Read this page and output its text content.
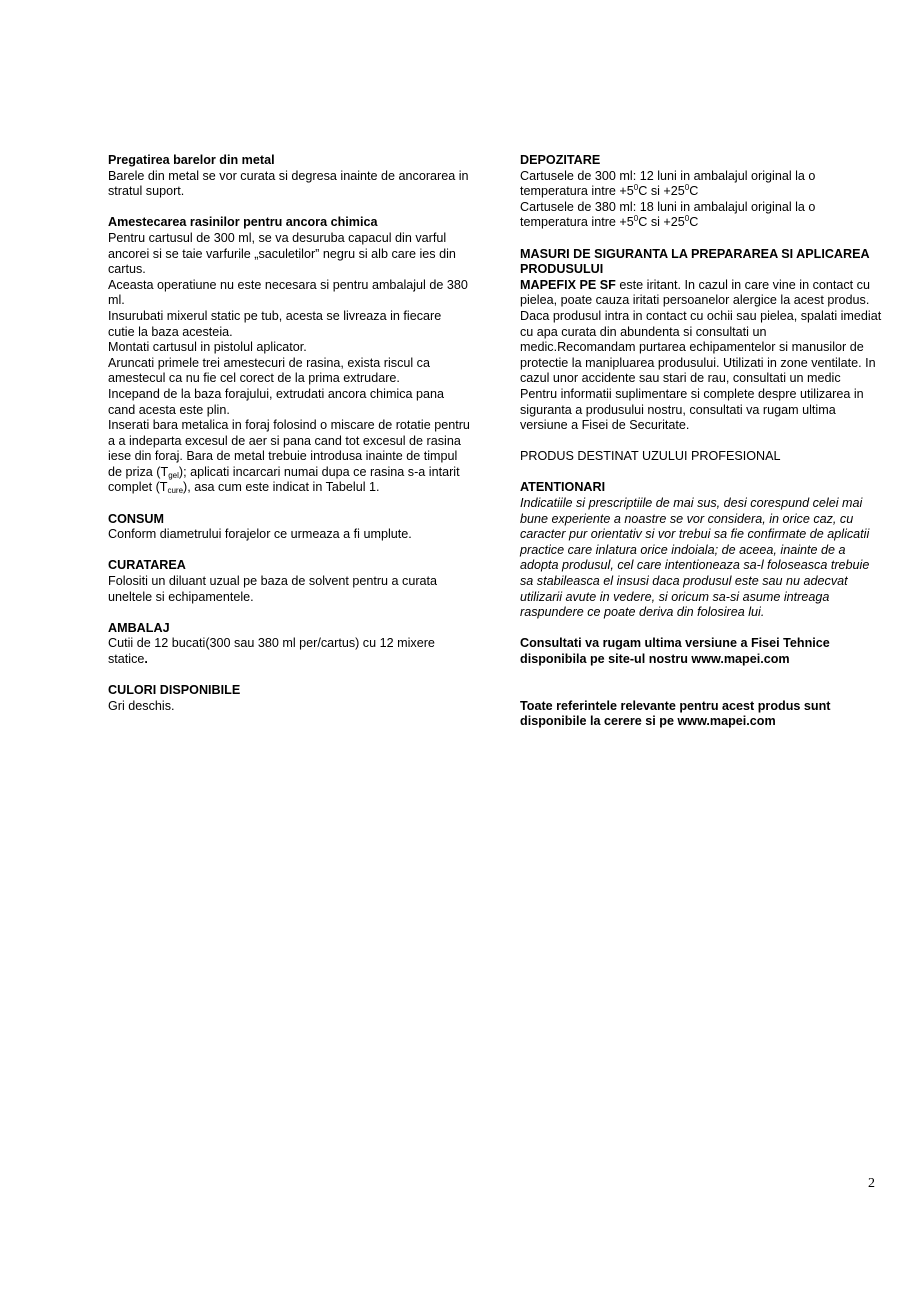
Pregatirea barelor din metal

Barele din metal se vor curata si degresa inainte de ancorarea in stratul suport.

Amestecarea rasinilor pentru ancora chimica

Pentru cartusul de 300 ml, se va desuruba capacul din varful ancorei si se taie varfurile „saculetilor” negru si alb care ies din cartus.

Aceasta operatiune nu este necesara si pentru ambalajul de 380 ml.

Insurubati mixerul static pe tub, acesta se livreaza in fiecare cutie la baza acesteia.

Montati cartusul in pistolul aplicator.

Aruncati primele trei amestecuri de rasina, exista riscul ca amestecul ca nu fie cel corect de la prima extrudare.

Incepand de la baza forajului, extrudati ancora chimica pana cand acesta este plin.

Inserati bara metalica in foraj folosind o miscare de rotatie pentru a a indeparta excesul de aer si pana cand tot excesul de rasina iese din foraj. Bara de metal trebuie introdusa inainte de timpul de priza $(T_{gel})$; aplicati incarcari numai dupa ce rasina s-a intarit complet $(T_{cure})$, asa cum este indicat in Tabelul 1.

CONSUM

Conform diametrului forajelor ce urmeaza a fi umplute.

CURATAREA

Folositi un diluant uzual pe baza de solvent pentru a curata uneltele si echipamentele.

AMBALAJ

Cutii de 12 bucati(300 sau 380 ml per/cartus) cu 12 mixere statice.

CULORI DISPONIBILE

Gri deschis.

DEPOZITARE

Cartusele de 300 ml: 12 luni in ambalajul original la o temperatura intre $+5^0C$ si $+25^0C$

Cartusele de 380 ml: 18 luni in ambalajul original la o temperatura intre $+5^0C$ si $+25^0C$

MASURI DE SIGURANTA LA PREPARAREA SI APLICAREA PRODUSULUI

MAPEFIX PE SF este iritant. In cazul in care vine in contact cu pielea, poate cauza iritati persoanelor alergice la acest produs. Daca produsul intra in contact cu ochii sau pielea, spalati imediat cu apa curata din abundenta si consultati un medic.Recomandam purtarea echipamentelor si manusilor de protectie la manipluarea produsului. Utilizati in zone ventilate. In cazul unor accidente sau stari de rau, consultati un medic

Pentru informatii suplimentare si complete despre utilizarea in siguranta a produsului nostru, consultati va rugam ultima versiune a Fisei de Securitate.

PRODUS DESTINAT UZULUI PROFESIONAL

ATENTIONARI

Indicatiile si prescriptiile de mai sus, desi corespund celei mai bune experiente a noastre se vor considera, in orice caz, cu caracter pur orientativ si vor trebui sa fie confirmate de aplicatii practice care inlatura orice indoiala; de aceea, inainte de a adopta produsul, cel care intentioneaza sa-l foloseasca trebuie sa stabileasca el insusi daca produsul este sau nu adecvat utilizarii avute in vedere, si oricum sa-si asume intreaga raspundere ce poate deriva din folosirea lui.

Consultati va rugam ultima versiune a Fisei Tehnice disponibila pe site-ul nostru www.mapei.com

Toate referintele relevante pentru acest produs sunt disponibile la cerere si pe www.mapei.com

2
